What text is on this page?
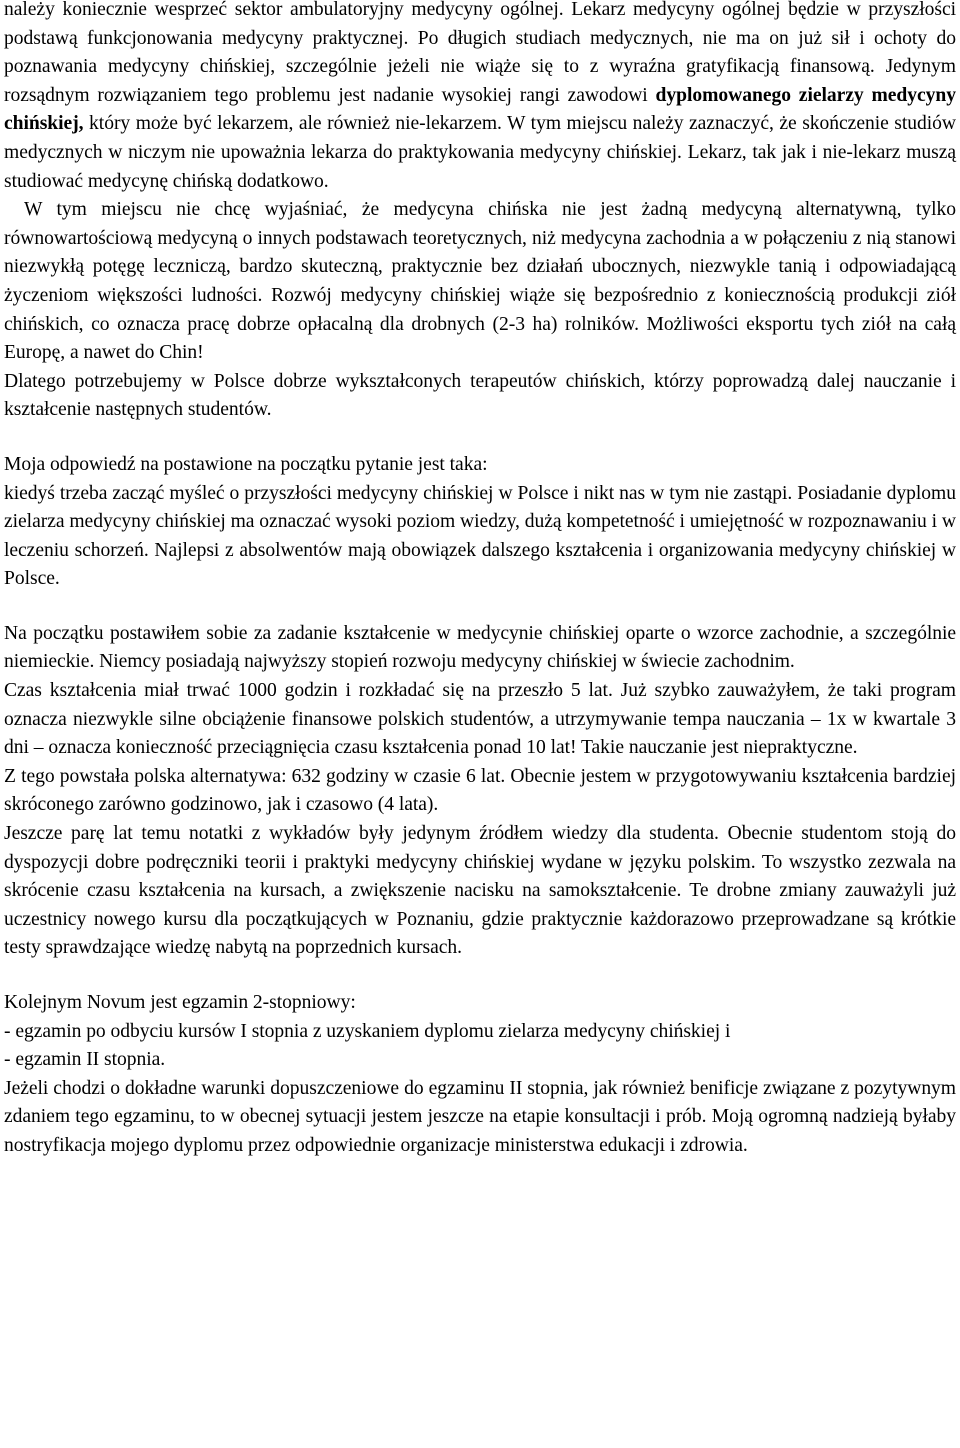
należy koniecznie wesprzeć sektor ambulatoryjny medycyny ogólnej. Lekarz medycyny ogólnej będzie w przyszłości podstawą funkcjonowania medycyny praktycznej. Po długich studiach medycznych, nie ma on już sił i ochoty do poznawania medycyny chińskiej, szczególnie jeżeli nie wiąże się to z wyraźna gratyfikacją finansową. Jedynym rozsądnym rozwiązaniem tego problemu jest nadanie wysokiej rangi zawodowi dyplomowanego zielarzy medycyny chińskiej, który może być lekarzem, ale również nie-lekarzem. W tym miejscu należy zaznaczyć, że skończenie studiów medycznych w niczym nie upoważnia lekarza do praktykowania medycyny chińskiej. Lekarz, tak jak i nie-lekarz muszą studiować medycynę chińską dodatkowo.

W tym miejscu nie chcę wyjaśniać, że medycyna chińska nie jest żadną medycyną alternatywną, tylko równowartościową medycyną o innych podstawach teoretycznych, niż medycyna zachodnia a w połączeniu z nią stanowi niezwykłą potęgę leczniczą, bardzo skuteczną, praktycznie bez działań ubocznych, niezwykle tanią i odpowiadającą życzeniom większości ludności. Rozwój medycyny chińskiej wiąże się bezpośrednio z koniecznością produkcji ziół chińskich, co oznacza pracę dobrze opłacalną dla drobnych (2-3 ha) rolników. Możliwości eksportu tych ziół na całą Europę, a nawet do Chin!

Dlatego potrzebujemy w Polsce dobrze wykształconych terapeutów chińskich, którzy poprowadzą dalej nauczanie i kształcenie następnych studentów.

Moja odpowiedź na postawione na początku pytanie jest taka:

kiedyś trzeba zacząć myśleć o przyszłości medycyny chińskiej w Polsce i nikt nas w tym nie zastąpi. Posiadanie dyplomu zielarza medycyny chińskiej ma oznaczać wysoki poziom wiedzy, dużą kompetetność i umiejętność w rozpoznawaniu i w leczeniu schorzeń. Najlepsi z absolwentów mają obowiązek dalszego kształcenia i organizowania medycyny chińskiej w Polsce.

Na początku postawiłem sobie za zadanie kształcenie w medycynie chińskiej oparte o wzorce zachodnie, a szczególnie niemieckie. Niemcy posiadają najwyższy stopień rozwoju medycyny chińskiej w świecie zachodnim.

Czas kształcenia miał trwać 1000 godzin i rozkładać się na przeszło 5 lat. Już szybko zauważyłem, że taki program oznacza niezwykle silne obciążenie finansowe polskich studentów, a utrzymywanie tempa nauczania – 1x w kwartale 3 dni – oznacza konieczność przeciągnięcia czasu kształcenia ponad 10 lat! Takie nauczanie jest niepraktyczne.

Z tego powstała polska alternatywa: 632 godziny w czasie 6 lat. Obecnie jestem w przygotowywaniu kształcenia bardziej skróconego zarówno godzinowo, jak i czasowo (4 lata).

Jeszcze parę lat temu notatki z wykładów były jedynym źródłem wiedzy dla studenta. Obecnie studentom stoją do dyspozycji dobre podręczniki teorii i praktyki medycyny chińskiej wydane w języku polskim. To wszystko zezwala na skrócenie czasu kształcenia na kursach, a zwiększenie nacisku na samokształcenie. Te drobne zmiany zauważyli już uczestnicy nowego kursu dla początkujących w Poznaniu, gdzie praktycznie każdorazowo przeprowadzane są krótkie testy sprawdzające wiedzę nabytą na poprzednich kursach.

Kolejnym Novum jest egzamin 2-stopniowy:

- egzamin po odbyciu kursów I stopnia z uzyskaniem dyplomu zielarza medycyny chińskiej i

- egzamin II stopnia.

Jeżeli chodzi o dokładne warunki dopuszczeniowe do egzaminu II stopnia, jak również benificje związane z pozytywnym zdaniem tego egzaminu, to w obecnej sytuacji jestem jeszcze na etapie konsultacji i prób. Moją ogromną nadzieją byłaby nostryfikacja mojego dyplomu przez odpowiednie organizacje ministerstwa edukacji i zdrowia.
